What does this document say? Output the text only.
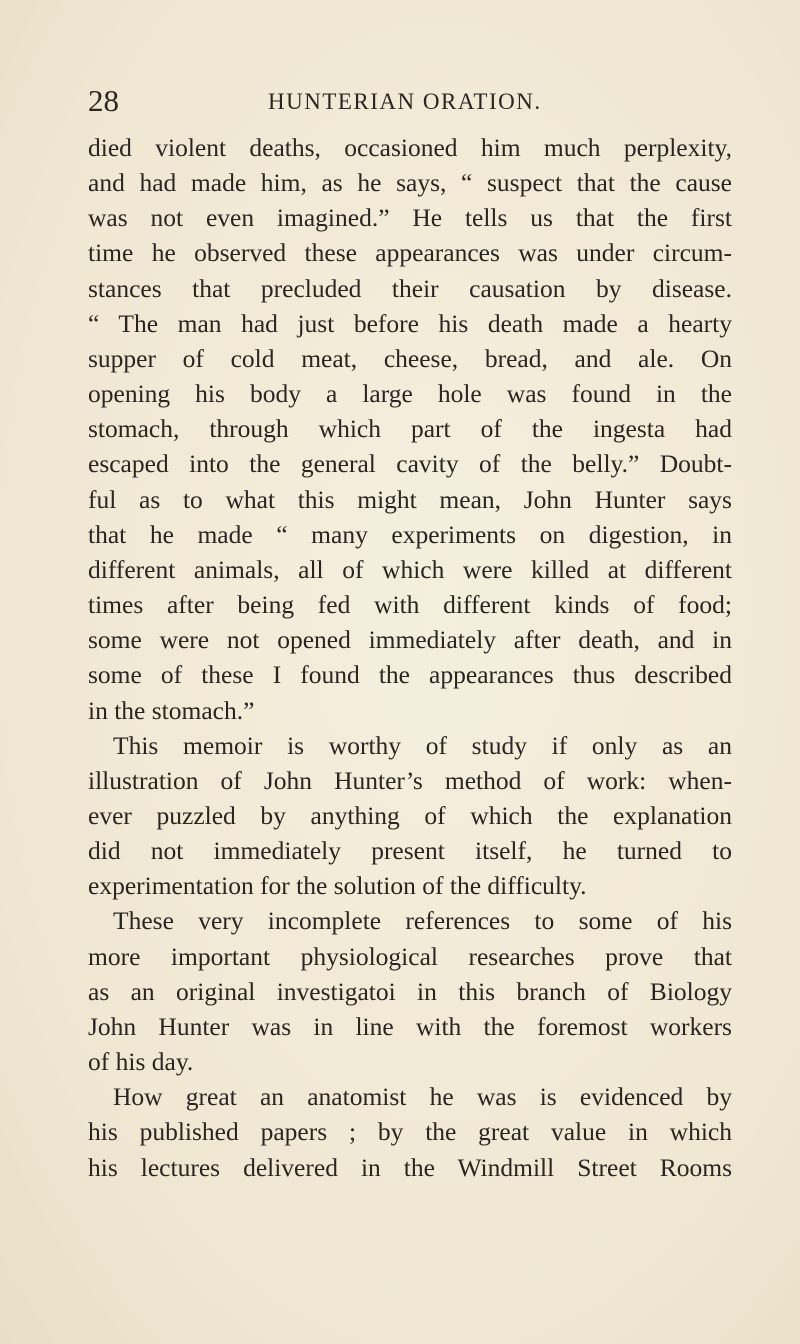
28	HUNTERIAN ORATION.
died violent deaths, occasioned him much perplexity,
and had made him, as he says, “ suspect that the cause
was not even imagined.” He tells us that the first
time he observed these appearances was under circum-
stances that precluded their causation by disease.
“ The man had just before his death made a hearty
supper of cold meat, cheese, bread, and ale. On
opening his body a large hole was found in the
stomach, through which part of the ingesta had
escaped into the general cavity of the belly.” Doubt-
ful as to what this might mean, John Hunter says
that he made “ many experiments on digestion, in
different animals, all of which were killed at different
times after being fed with different kinds of food;
some were not opened immediately after death, and in
some of these I found the appearances thus described
in the stomach.”
This memoir is worthy of study if only as an
illustration of John Hunter’s method of work: when-
ever puzzled by anything of which the explanation
did not immediately present itself, he turned to
experimentation for the solution of the difficulty.
These very incomplete references to some of his
more important physiological researches prove that
as an original investigatoi in this branch of Biology
John Hunter was in line with the foremost workers
of his day.
How great an anatomist he was is evidenced by
his published papers ; by the great value in which
his lectures delivered in the Windmill Street Rooms
